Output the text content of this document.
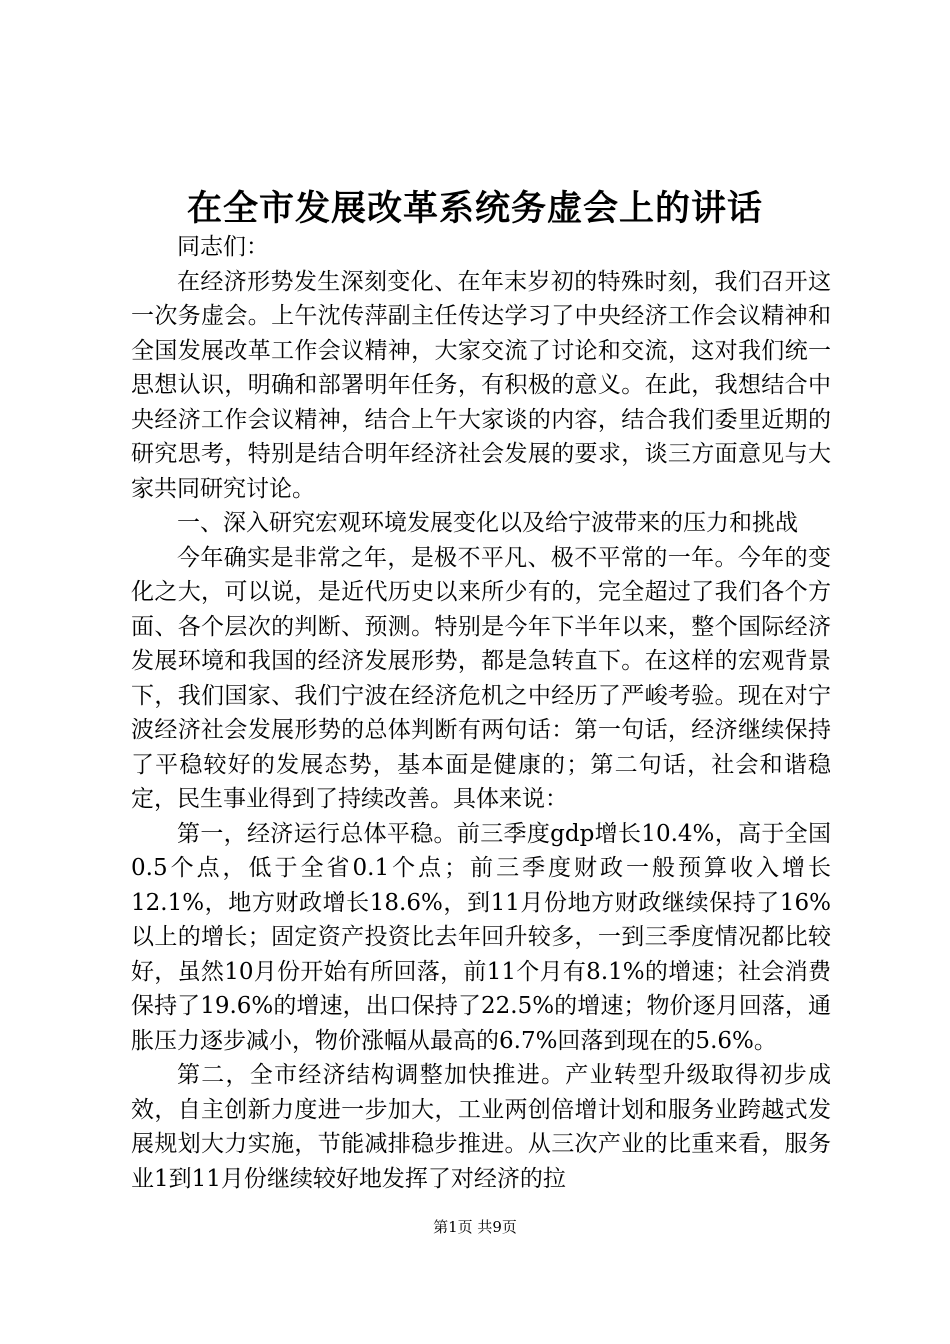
在全市发展改革系统务虚会上的讲话

同志们：

在经济形势发生深刻变化、在年末岁初的特殊时刻，我们召开这一次务虚会。上午沈传萍副主任传达学习了中央经济工作会议精神和全国发展改革工作会议精神，大家交流了讨论和交流，这对我们统一思想认识，明确和部署明年任务，有积极的意义。在此，我想结合中央经济工作会议精神，结合上午大家谈的内容，结合我们委里近期的研究思考，特别是结合明年经济社会发展的要求，谈三方面意见与大家共同研究讨论。

一、深入研究宏观环境发展变化以及给宁波带来的压力和挑战

今年确实是非常之年，是极不平凡、极不平常的一年。今年的变化之大，可以说，是近代历史以来所少有的，完全超过了我们各个方面、各个层次的判断、预测。特别是今年下半年以来，整个国际经济发展环境和我国的经济发展形势，都是急转直下。在这样的宏观背景下，我们国家、我们宁波在经济危机之中经历了严峻考验。现在对宁波经济社会发展形势的总体判断有两句话：第一句话，经济继续保持了平稳较好的发展态势，基本面是健康的；第二句话，社会和谐稳定，民生事业得到了持续改善。具体来说：

第一，经济运行总体平稳。前三季度gdp增长10.4%，高于全国0.5个点，低于全省0.1个点；前三季度财政一般预算收入增长12.1%，地方财政增长18.6%，到11月份地方财政继续保持了16%以上的增长；固定资产投资比去年回升较多，一到三季度情况都比较好，虽然10月份开始有所回落，前11个月有8.1%的增速；社会消费保持了19.6%的增速，出口保持了22.5%的增速；物价逐月回落，通胀压力逐步减小，物价涨幅从最高的6.7%回落到现在的5.6%。

第二，全市经济结构调整加快推进。产业转型升级取得初步成效，自主创新力度进一步加大，工业两创倍增计划和服务业跨越式发展规划大力实施，节能减排稳步推进。从三次产业的比重来看，服务业1到11月份继续较好地发挥了对经济的拉

第1页 共9页
